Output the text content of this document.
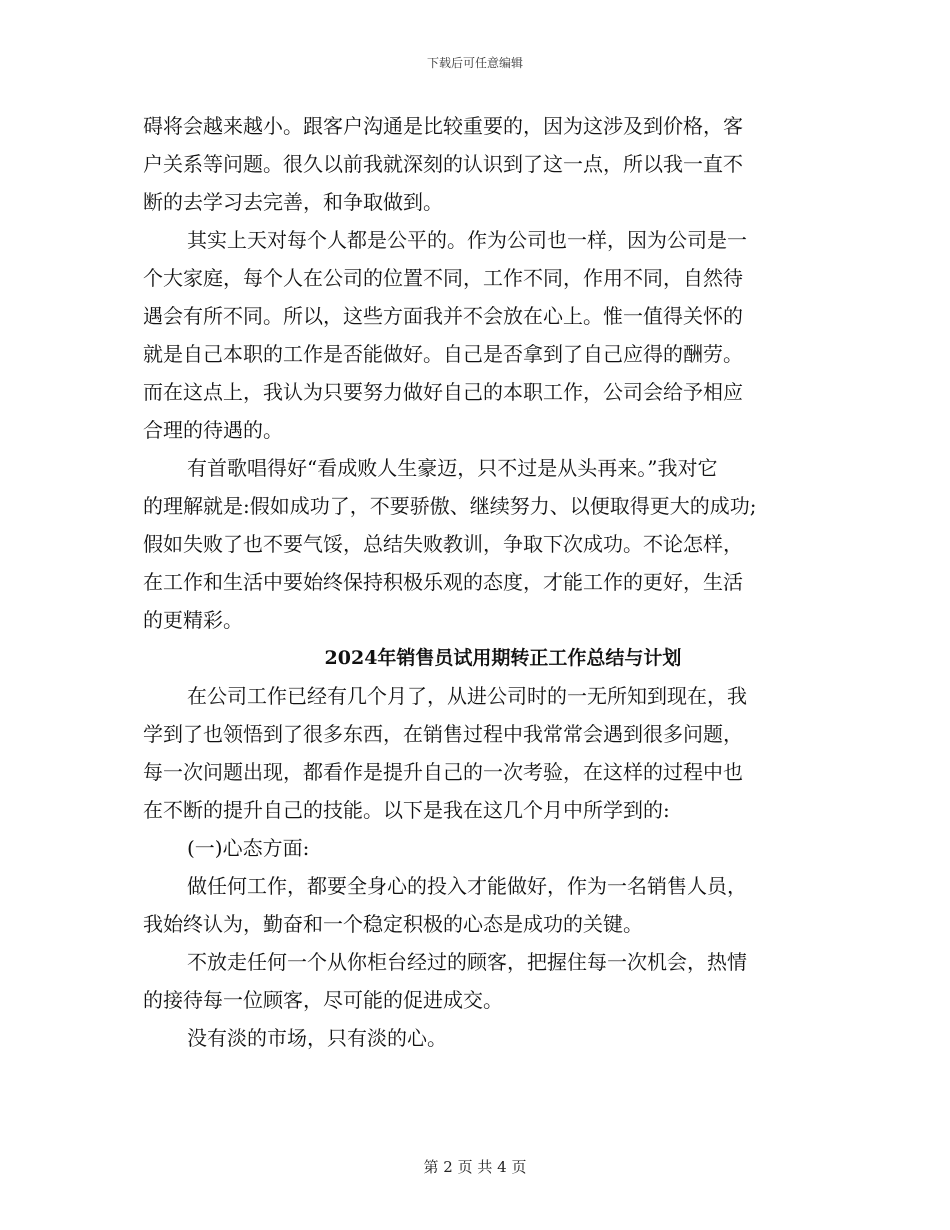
下载后可任意编辑
碍将会越来越小。跟客户沟通是比较重要的，因为这涉及到价格，客
户关系等问题。很久以前我就深刻的认识到了这一点，所以我一直不
断的去学习去完善，和争取做到。
其实上天对每个人都是公平的。作为公司也一样，因为公司是一
个大家庭，每个人在公司的位置不同，工作不同，作用不同，自然待
遇会有所不同。所以，这些方面我并不会放在心上。惟一值得关怀的
就是自己本职的工作是否能做好。自己是否拿到了自己应得的酬劳。
而在这点上，我认为只要努力做好自己的本职工作，公司会给予相应
合理的待遇的。
有首歌唱得好“看成败人生豪迈，只不过是从头再来。”我对它
的理解就是:假如成功了，不要骄傲、继续努力、以便取得更大的成功;
假如失败了也不要气馁，总结失败教训，争取下次成功。不论怎样，
在工作和生活中要始终保持积极乐观的态度，才能工作的更好，生活
的更精彩。
2024年销售员试用期转正工作总结与计划
在公司工作已经有几个月了，从进公司时的一无所知到现在，我
学到了也领悟到了很多东西，在销售过程中我常常会遇到很多问题，
每一次问题出现，都看作是提升自己的一次考验，在这样的过程中也
在不断的提升自己的技能。以下是我在这几个月中所学到的:
(一)心态方面:
做任何工作，都要全身心的投入才能做好，作为一名销售人员，
我始终认为，勤奋和一个稳定积极的心态是成功的关键。
不放走任何一个从你柜台经过的顾客，把握住每一次机会，热情
的接待每一位顾客，尽可能的促进成交。
没有淡的市场，只有淡的心。
第 2 页 共 4 页
